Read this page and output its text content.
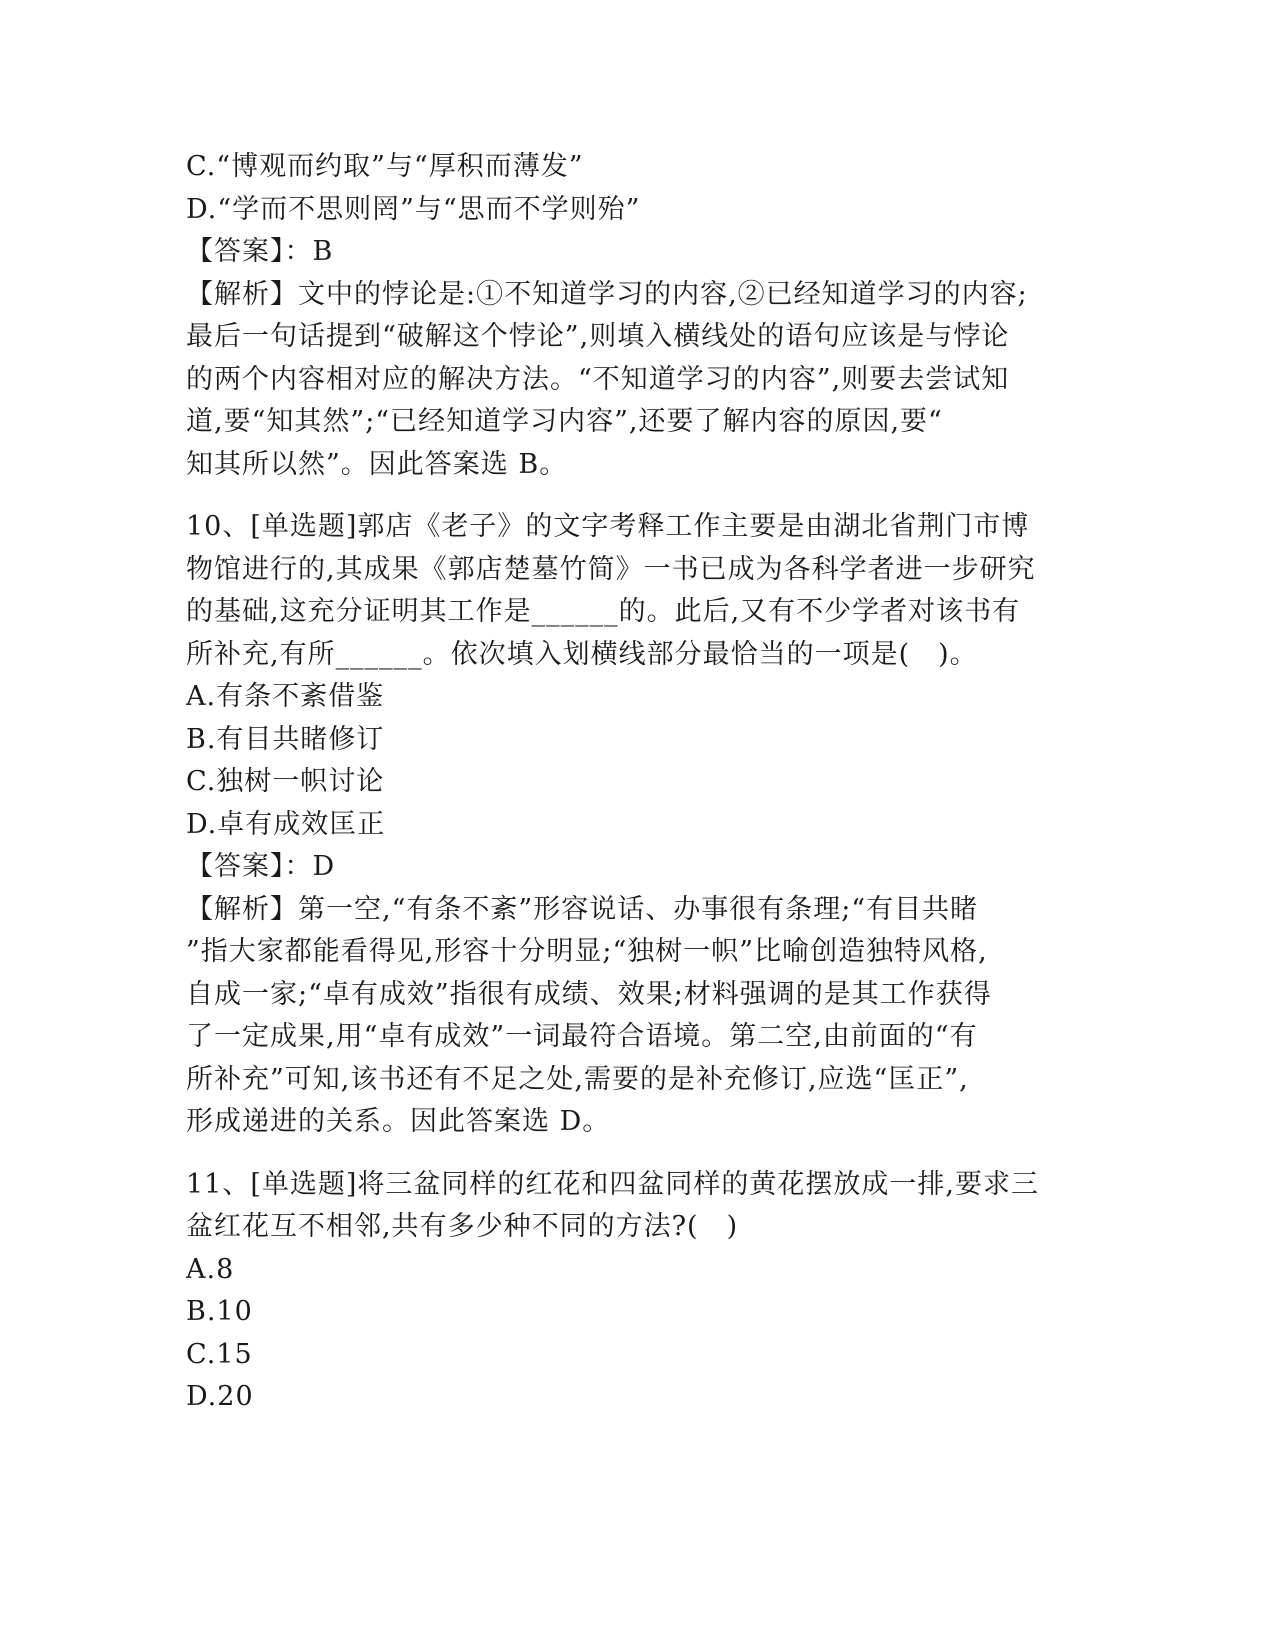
C.“博观而约取”与“厚积而薄发”
D.“学而不思则罔”与“思而不学则殆”
【答案】：B
【解析】文中的悖论是:①不知道学习的内容,②已经知道学习的内容;
最后一句话提到“破解这个悖论”,则填入横线处的语句应该是与悖论
的两个内容相对应的解决方法。“不知道学习的内容”,则要去尝试知
道,要“知其然”;“已经知道学习内容”,还要了解内容的原因,要“
知其所以然”。因此答案选 B。
10、[单选题]郭店《老子》的文字考释工作主要是由湖北省荆门市博
物馆进行的,其成果《郭店楚墓竹简》一书已成为各科学者进一步研究
的基础,这充分证明其工作是______的。此后,又有不少学者对该书有
所补充,有所______。依次填入划横线部分最恰当的一项是(　)。
A.有条不紊借鉴
B.有目共睹修订
C.独树一帜讨论
D.卓有成效匡正
【答案】：D
【解析】第一空,“有条不紊”形容说话、办事很有条理;“有目共睹
”指大家都能看得见,形容十分明显;“独树一帜”比喻创造独特风格,
自成一家;“卓有成效”指很有成绩、效果;材料强调的是其工作获得
了一定成果,用“卓有成效”一词最符合语境。第二空,由前面的“有
所补充”可知,该书还有不足之处,需要的是补充修订,应选“匡正”,
形成递进的关系。因此答案选 D。
11、[单选题]将三盆同样的红花和四盆同样的黄花摆放成一排,要求三
盆红花互不相邻,共有多少种不同的方法?(　)
A.8
B.10
C.15
D.20
